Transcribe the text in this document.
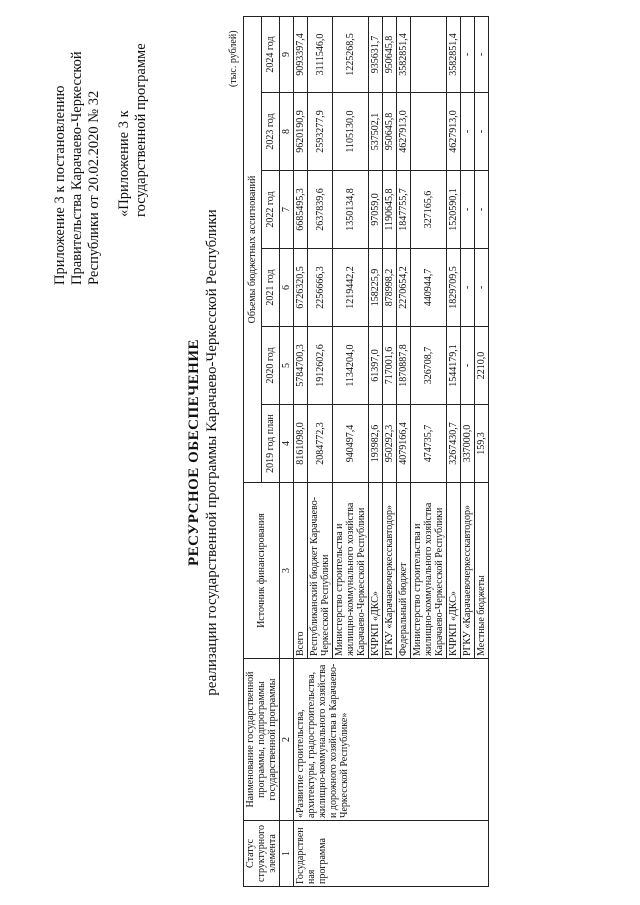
Приложение 3 к постановлению Правительства Карачаево-Черкесской Республики от 20.02.2020 № 32 «Приложение 3 к государственной программе
РЕСУРСНОЕ ОБЕСПЕЧЕНИЕ реализации государственной программы Карачаево-Черкесской Республики
(тыс. рублей)
Статус структурного элемента	Наименование государственной программы, подпрограммы государственной программы	Источник финансирования	Объемы бюджетных ассигнований					
			2019 год план	2020 год	2021 год	2022 год	2023 год	2024 год
1	2	3	4	5	6	7	8	9
Государственная программа	«Развитие строительства, архитектуры, градостроительства, жилищно-коммунального хозяйства и дорожного хозяйства в Карачаево-Черкесской Республике»	Всего	8161098,0	5784700,3	6726320,5	6685495,3	9620190,9	9093397,4
		Республиканский бюджет Карачаево-Черкесской Республики	2084772,3	1912602,6	2256666,3	2637839,6	2593277,9	3111546,0
		Министерство строительства и жилищно-коммунального хозяйства Карачаево-Черкесской Республики	940497,4	1134204,0	1219442,2	1350134,8	1105130,0	1225268,5
		КЧРКП «ДКС»	193982,6	61397,0	158225,9	97059,0	537502,1	935631,7
		РГКУ «Карачаевочеркесскавтодор»	950292,3	717001,6	878998,2	1190645,8	950645,8	950645,8
		Федеральный бюджет	4079166,4	1870887,8	2270654,2	1847755,7	4627913,0	3582851,4
		Министерство строительства и жилищно-коммунального хозяйства Карачаево-Черкесской Республики	474735,7	326708,7	440944,7	327165,6		
		КЧРКП «ДКС»	3267430,7	1544179,1	1829709,5	1520590,1	4627913,0	3582851,4
		РГКУ «Карачаевочеркесскавтодор»	337000,0	-	-	-	-	-
		Местные бюджеты	159,3	2210,0	-	-	-	-
